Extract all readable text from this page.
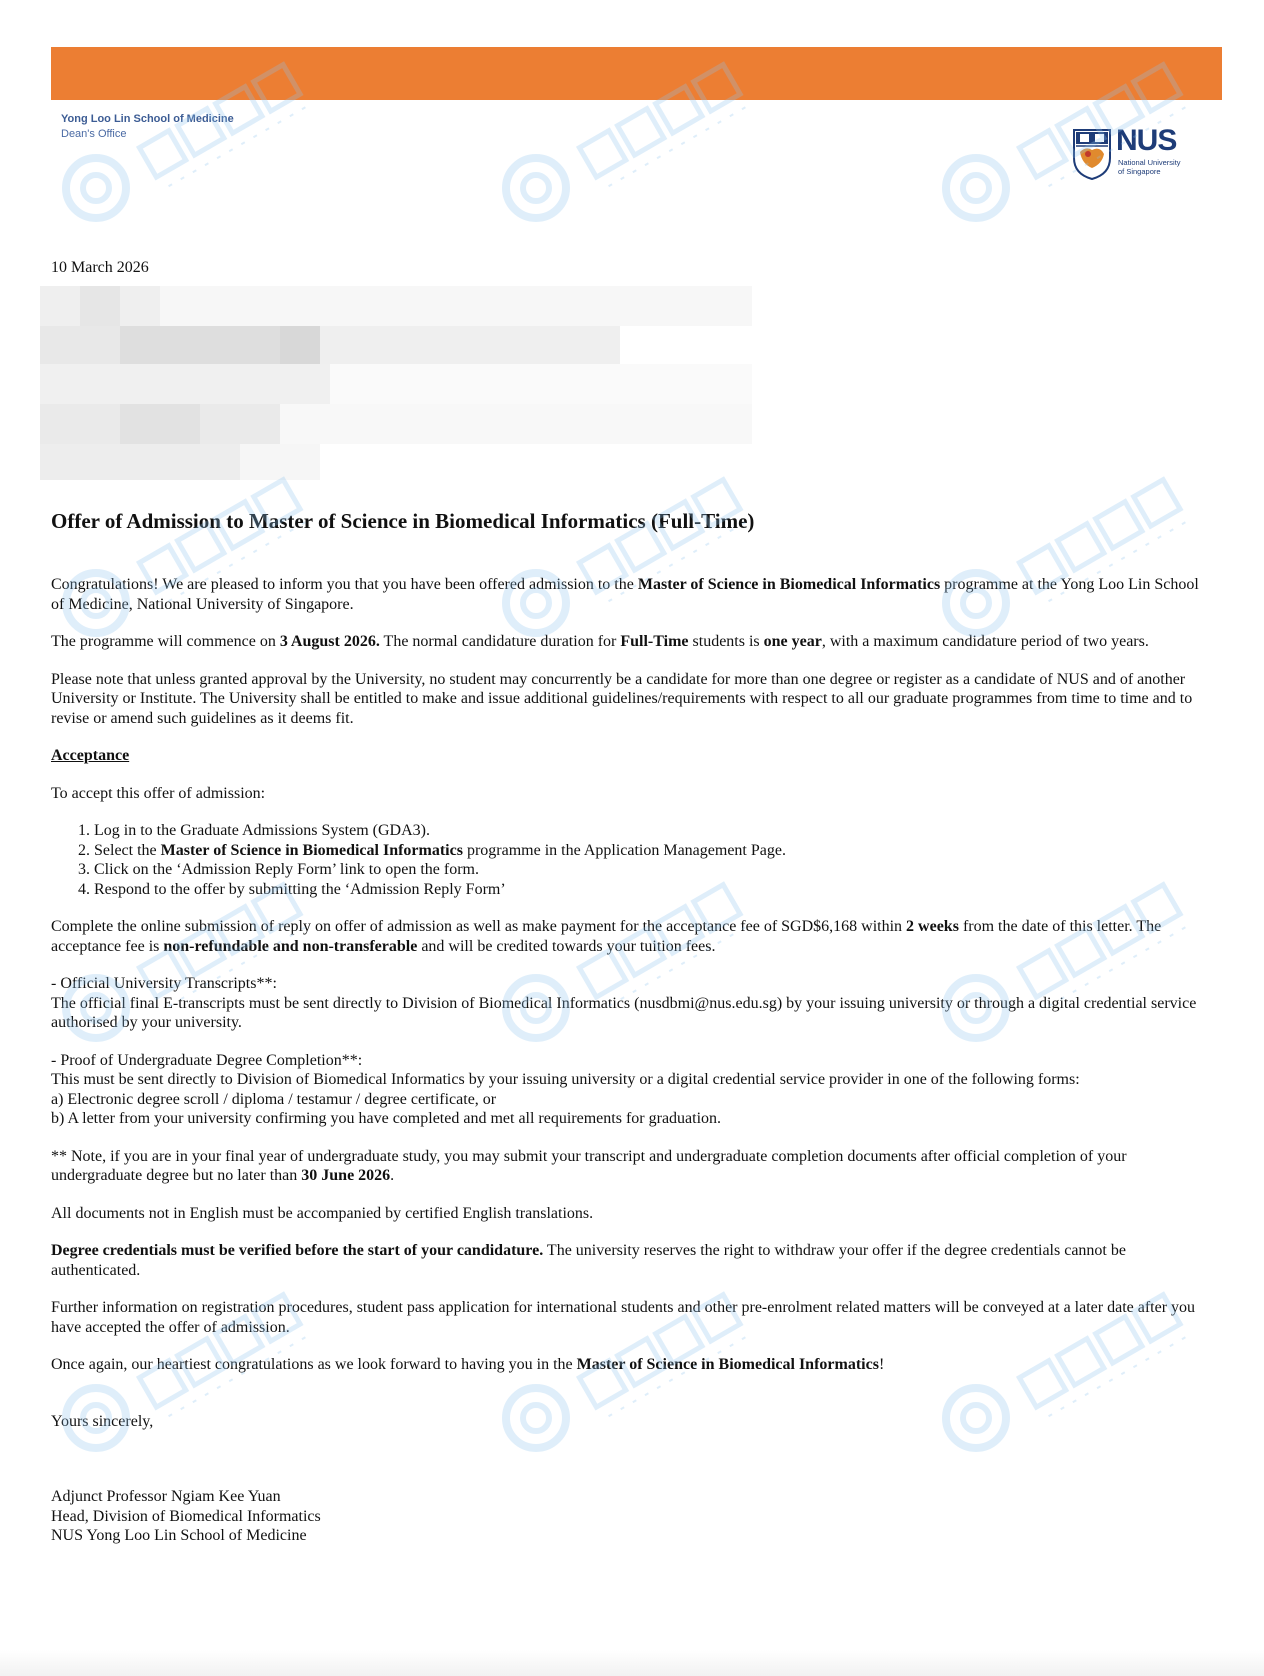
Yong Loo Lin School of Medicine
Dean's Office	NUS
National University
of Singapore
10 March 2026
Offer of Admission to Master of Science in Biomedical Informatics (Full-Time)

Congratulations! We are pleased to inform you that you have been offered admission to the Master of Science in Biomedical Informatics programme at the Yong Loo Lin School of Medicine, National University of Singapore.

The programme will commence on 3 August 2026. The normal candidature duration for Full-Time students is one year, with a maximum candidature period of two years.

Please note that unless granted approval by the University, no student may concurrently be a candidate for more than one degree or register as a candidate of NUS and of another University or Institute. The University shall be entitled to make and issue additional guidelines/requirements with respect to all our graduate programmes from time to time and to revise or amend such guidelines as it deems fit.

Acceptance

To accept this offer of admission:

1. Log in to the Graduate Admissions System (GDA3).
2. Select the Master of Science in Biomedical Informatics programme in the Application Management Page.
3. Click on the ‘Admission Reply Form’ link to open the form.
4. Respond to the offer by submitting the ‘Admission Reply Form’

Complete the online submission of reply on offer of admission as well as make payment for the acceptance fee of SGD$6,168 within 2 weeks from the date of this letter. The acceptance fee is non-refundable and non-transferable and will be credited towards your tuition fees.

- Official University Transcripts**:
The official final E-transcripts must be sent directly to Division of Biomedical Informatics (nusdbmi@nus.edu.sg) by your issuing university or through a digital credential service authorised by your university.

- Proof of Undergraduate Degree Completion**:
This must be sent directly to Division of Biomedical Informatics by your issuing university or a digital credential service provider in one of the following forms:
a) Electronic degree scroll / diploma / testamur / degree certificate, or
b) A letter from your university confirming you have completed and met all requirements for graduation.

** Note, if you are in your final year of undergraduate study, you may submit your transcript and undergraduate completion documents after official completion of your undergraduate degree but no later than 30 June 2026.

All documents not in English must be accompanied by certified English translations.

Degree credentials must be verified before the start of your candidature. The university reserves the right to withdraw your offer if the degree credentials cannot be authenticated.

Further information on registration procedures, student pass application for international students and other pre-enrolment related matters will be conveyed at a later date after you have accepted the offer of admission.

Once again, our heartiest congratulations as we look forward to having you in the Master of Science in Biomedical Informatics!

Yours sincerely,

Adjunct Professor Ngiam Kee Yuan
Head, Division of Biomedical Informatics
NUS Yong Loo Lin School of Medicine
